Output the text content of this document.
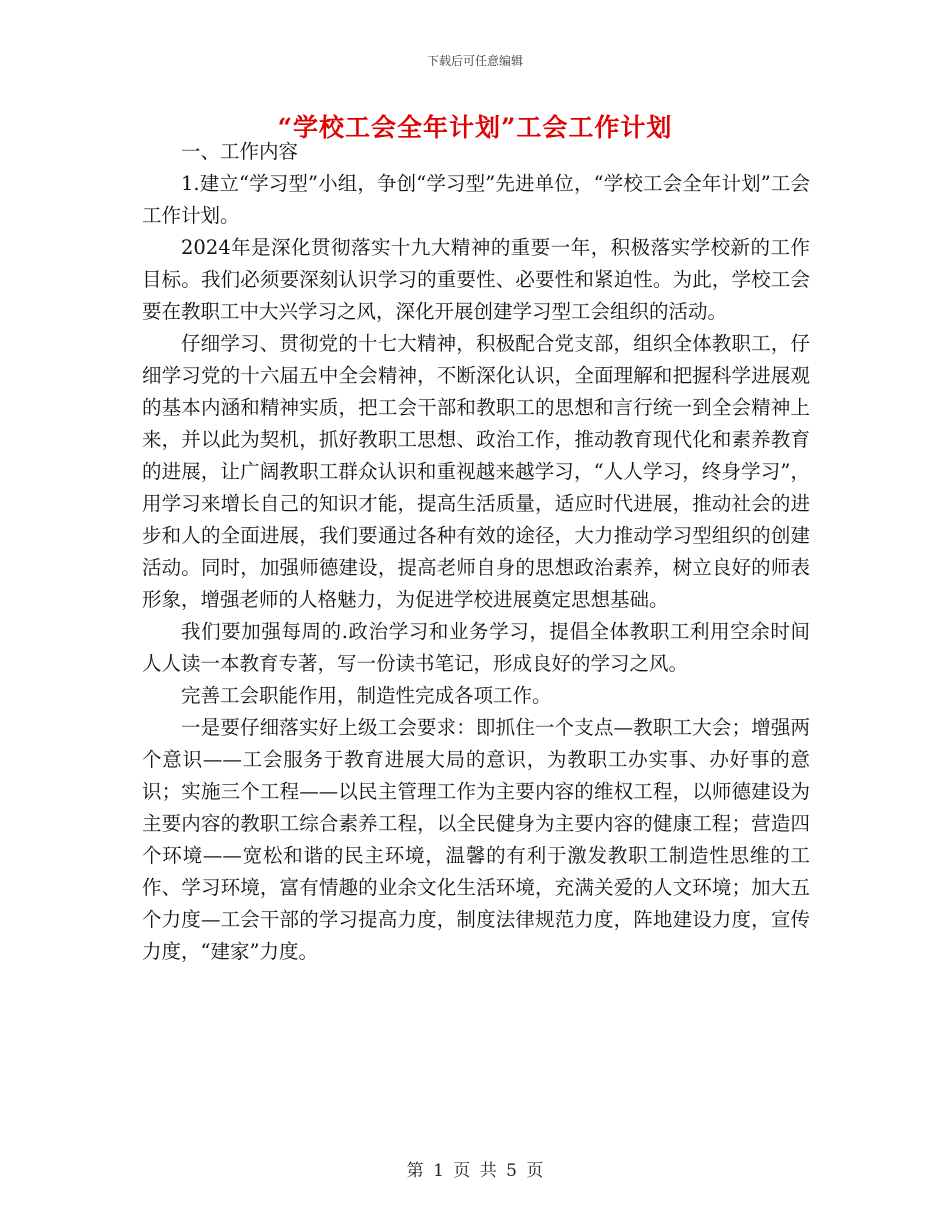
下载后可任意编辑
“学校工会全年计划”工会工作计划

一、工作内容

1.建立“学习型”小组，争创“学习型”先进单位，“学校工会全年计划”工会工作计划。

2024年是深化贯彻落实十九大精神的重要一年，积极落实学校新的工作目标。我们必须要深刻认识学习的重要性、必要性和紧迫性。为此，学校工会要在教职工中大兴学习之风，深化开展创建学习型工会组织的活动。

仔细学习、贯彻党的十七大精神，积极配合党支部，组织全体教职工，仔细学习党的十六届五中全会精神，不断深化认识，全面理解和把握科学进展观的基本内涵和精神实质，把工会干部和教职工的思想和言行统一到全会精神上来，并以此为契机，抓好教职工思想、政治工作，推动教育现代化和素养教育的进展，让广阔教职工群众认识和重视越来越学习，“人人学习，终身学习”，用学习来增长自己的知识才能，提高生活质量，适应时代进展，推动社会的进步和人的全面进展，我们要通过各种有效的途径，大力推动学习型组织的创建活动。同时，加强师德建设，提高老师自身的思想政治素养，树立良好的师表形象，增强老师的人格魅力，为促进学校进展奠定思想基础。

我们要加强每周的.政治学习和业务学习，提倡全体教职工利用空余时间人人读一本教育专著，写一份读书笔记，形成良好的学习之风。

完善工会职能作用，制造性完成各项工作。

一是要仔细落实好上级工会要求：即抓住一个支点—教职工大会；增强两个意识——工会服务于教育进展大局的意识，为教职工办实事、办好事的意识；实施三个工程——以民主管理工作为主要内容的维权工程，以师德建设为主要内容的教职工综合素养工程，以全民健身为主要内容的健康工程；营造四个环境——宽松和谐的民主环境，温馨的有利于激发教职工制造性思维的工作、学习环境，富有情趣的业余文化生活环境，充满关爱的人文环境；加大五个力度—工会干部的学习提高力度，制度法律规范力度，阵地建设力度，宣传力度，“建家”力度。

第 1 页 共 5 页
